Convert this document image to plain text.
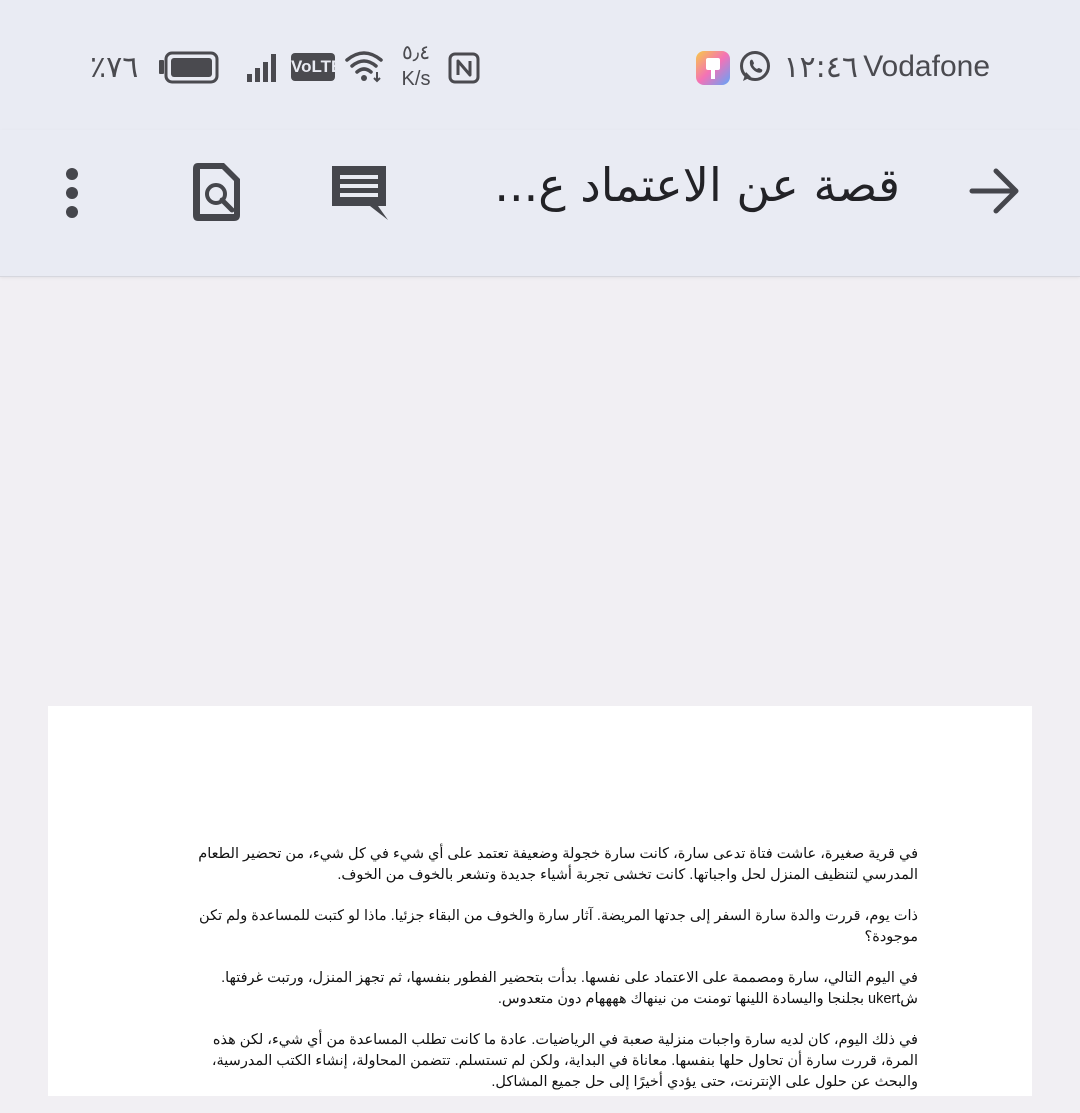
Vodafone
١٢:٤٦
٪٧٦	VoLTE
٥٫٤
K/s
قصة عن الاعتماد ع...

في قرية صغيرة، عاشت فتاة تدعى سارة، كانت سارة خجولة وضعيفة تعتمد على أي شيء في كل شيء، من تحضير الطعام المدرسي لتنظيف المنزل لحل واجباتها. كانت تخشى تجربة أشياء جديدة وتشعر بالخوف من الخوف.

ذات يوم، قررت والدة سارة السفر إلى جدتها المريضة. آثار سارة والخوف من البقاء جزئيا. ماذا لو كتبت للمساعدة ولم تكن موجودة؟

في اليوم التالي، سارة ومصممة على الاعتماد على نفسها. بدأت بتحضير الفطور بنفسها، ثم تجهز المنزل، ورتبت غرفتها. شukert بجلنجا واليسادة اللينها تومنت من نينهاك ههههام دون متعدوس.

في ذلك اليوم، كان لديه سارة واجبات منزلية صعبة في الرياضيات. عادة ما كانت تطلب المساعدة من أي شيء، لكن هذه المرة، قررت سارة أن تحاول حلها بنفسها. معاناة في البداية، ولكن لم تستسلم. تتضمن المحاولة، إنشاء الكتب المدرسية، والبحث عن حلول على الإنترنت، حتى يؤدي أخيرًا إلى حل جميع المشاكل.
